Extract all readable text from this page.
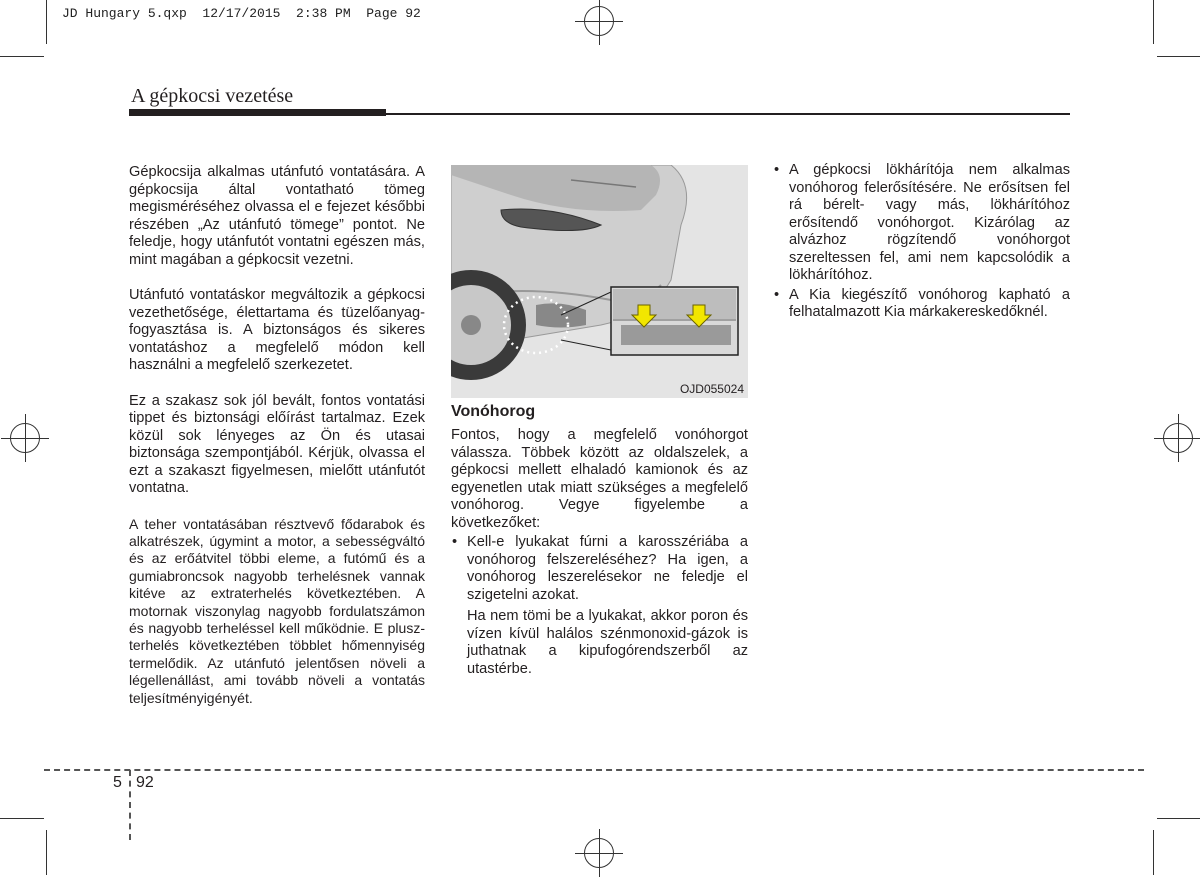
JD Hungary 5.qxp  12/17/2015  2:38 PM  Page 92
A gépkocsi vezetése

Gépkocsija alkalmas utánfutó vontatására. A gépkocsija által vontatható tömeg megisméréséhez olvassa el e fejezet későbbi részében „Az utánfutó tömege” pontot. Ne feledje, hogy utánfutót vontatni egészen más, mint magában a gépkocsit vezetni.

Utánfutó vontatáskor megváltozik a gépkocsi vezethetősége, élettartama és tüzelőanyag-fogyasztása is. A biztonságos és sikeres vontatáshoz a megfelelő módon kell használni a megfelelő szerkezetet.

Ez a szakasz sok jól bevált, fontos vontatási tippet és biztonsági előírást tartalmaz. Ezek közül sok lényeges az Ön és utasai biztonsága szempontjából. Kérjük, olvassa el ezt a szakaszt figyelmesen, mielőtt utánfutót vontatna.

A teher vontatásában résztvevő fődarabok és alkatrészek, úgymint a motor, a sebességváltó és az erőátvitel többi eleme, a futómű és a gumiabroncsok nagyobb terhelésnek vannak kitéve az extraterhelés következtében. A motornak viszonylag nagyobb fordulatszámon és nagyobb terheléssel kell működnie. E pluszterhelés következtében többlet hőmennyiség termelődik. Az utánfutó jelentősen növeli a légellenállást, ami tovább növeli a vontatás teljesítményigényét.

OJD055024
Vonóhorog

Fontos, hogy a megfelelő vonóhorgot válassza. Többek között az oldalszelek, a gépkocsi mellett elhaladó kamionok és az egyenetlen utak miatt szükséges a megfelelő vonóhorog. Vegye figyelembe a következőket:

• Kell-e lyukakat fúrni a karosszériába a vonóhorog felszereléséhez? Ha igen, a vonóhorog leszerelésekor ne feledje el szigetelni azokat.
Ha nem tömi be a lyukakat, akkor poron és vízen kívül halálos szénmonoxid-gázok is juthatnak a kipufogórendszerből az utastérbe.
• A gépkocsi lökhárítója nem alkalmas vonóhorog felerősítésére. Ne erősítsen fel rá bérelt- vagy más, lökhárítóhoz erősítendő vonóhorgot. Kizárólag az alvázhoz rögzítendő vonóhorgot szereltessen fel, ami nem kapcsolódik a lökhárítóhoz.
• A Kia kiegészítő vonóhorog kapható a felhatalmazott Kia márkakereskedőknél.
5 92
